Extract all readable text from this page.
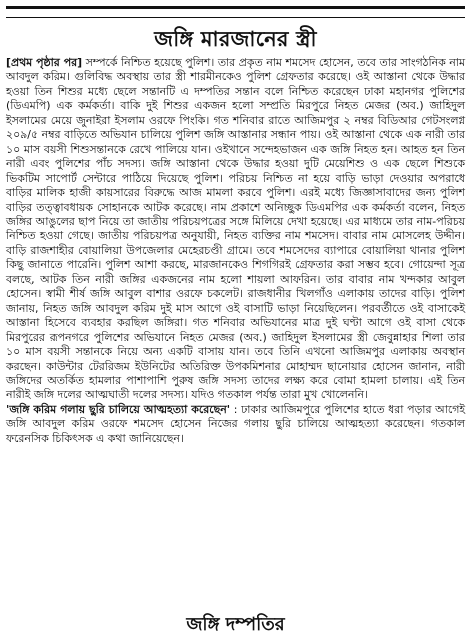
জঙ্গি মারজানের স্ত্রী

[প্রথম পৃষ্ঠার পর] সম্পর্কে নিশ্চিত হয়েছে পুলিশ। তার প্রকৃত নাম শমসেদ হোসেন, তবে তার সাংগঠনিক নাম আবদুল করিম। গুলিবিদ্ধ অবস্থায় তার স্ত্রী শারমীনকেও পুলিশ গ্রেফতার করেছে। ওই আস্তানা থেকে উদ্ধার হওয়া তিন শিশুর মধ্যে ছেলে সন্তানটি এ দম্পতির সন্তান বলে নিশ্চিত করেছেন ঢাকা মহানগর পুলিশের (ডিএমপি) এক কর্মকর্তা। বাকি দুই শিশুর একজন হলো সম্প্রতি মিরপুরে নিহত মেজর (অব.) জাহিদুল ইসলামের মেয়ে জুনাইরা ইসলাম ওরফে পিংকি। গত শনিবার রাতে আজিমপুর ২ নম্বর বিডিআর গেটসংলগ্ন ২০৯/৫ নম্বর বাড়িতে অভিযান চালিয়ে পুলিশ জঙ্গি আস্তানার সন্ধান পায়। ওই আস্তানা থেকে এক নারী তার ১০ মাস বয়সী শিশুসন্তানকে রেখে পালিয়ে যান। ওইখানে সন্দেহভাজন এক জঙ্গি নিহত হন। আহত হন তিন নারী এবং পুলিশের পাঁচ সদস্য। জঙ্গি আস্তানা থেকে উদ্ধার হওয়া দুটি মেয়েশিশু ও এক ছেলে শিশুকে ভিকটিম সাপোর্ট সেন্টারে পাঠিয়ে দিয়েছে পুলিশ। পরিচয় নিশ্চিত না হয়ে বাড়ি ভাড়া দেওয়ার অপরাধে বাড়ির মালিক হাজী কায়সারের বিরুদ্ধে আজ মামলা করবে পুলিশ। এরই মধ্যে জিজ্ঞাসাবাদের জন্য পুলিশ বাড়ির তত্ত্বাবধায়ক সোহানকে আটক করেছে। নাম প্রকাশে অনিচ্ছুক ডিএমপির এক কর্মকর্তা বলেন, নিহত জঙ্গির আঙুলের ছাপ নিয়ে তা জাতীয় পরিচয়পত্রের সঙ্গে মিলিয়ে দেখা হয়েছে। এর মাধ্যমে তার নাম-পরিচয় নিশ্চিত হওয়া গেছে। জাতীয় পরিচয়পত্র অনুযায়ী, নিহত ব্যক্তির নাম শমসেদ। বাবার নাম মোসলেহ উদ্দীন। বাড়ি রাজশাহীর বোয়ালিয়া উপজেলার মেহেরচণ্ডী গ্রামে। তবে শমসেদের ব্যাপারে বোয়ালিয়া থানার পুলিশ কিছু জানাতে পারেনি। পুলিশ আশা করছে, মারজানকেও শিগগিরই গ্রেফতার করা সম্ভব হবে। গোয়েন্দা সূত্র বলছে, আটক তিন নারী জঙ্গির একজনের নাম হলো শায়লা আফরিন। তার বাবার নাম খন্দকার আবুল হোসেন। স্বামী শীর্ষ জঙ্গি আবুল বাশার ওরফে চকলেট। রাজধানীর খিলগাঁও এলাকায় তাদের বাড়ি। পুলিশ জানায়, নিহত জঙ্গি আবদুল করিম দুই মাস আগে ওই বাসাটি ভাড়া নিয়েছিলেন। পরবর্তীতে ওই বাসাকেই আস্তানা হিসেবে ব্যবহার করছিল জঙ্গিরা। গত শনিবার অভিযানের মাত্র দুই ঘণ্টা আগে ওই বাসা থেকে মিরপুরের রূপনগরে পুলিশের অভিযানে নিহত মেজর (অব.) জাহিদুল ইসলামের স্ত্রী জেবুন্নাহার শিলা তার ১০ মাস বয়সী সন্তানকে নিয়ে অন্য একটি বাসায় যান। তবে তিনি এখনো আজিমপুর এলাকায় অবস্থান করছেন। কাউন্টার টেররিজম ইউনিটের অতিরিক্ত উপকমিশনার মোহাম্মদ ছানোয়ার হোসেন জানান, নারী জঙ্গিদের অতর্কিত হামলার পাশাপাশি পুরুষ জঙ্গি সদস্য তাদের লক্ষ্য করে বোমা হামলা চালায়। এই তিন নারীই জঙ্গি দলের আত্মঘাতী দলের সদস্য। যদিও গতকাল পর্যন্ত তারা মুখ খোলেননি।

'জঙ্গি করিম গলায় ছুরি চালিয়ে আত্মহত্যা করেছেন' : ঢাকার আজিমপুরে পুলিশের হাতে ধরা পড়ার আগেই জঙ্গি আবদুল করিম ওরফে শমসেদ হোসেন নিজের গলায় ছুরি চালিয়ে আত্মহত্যা করেছেন। গতকাল ফরেনসিক চিকিৎসক এ কথা জানিয়েছেন।

জঙ্গি দম্পতির
